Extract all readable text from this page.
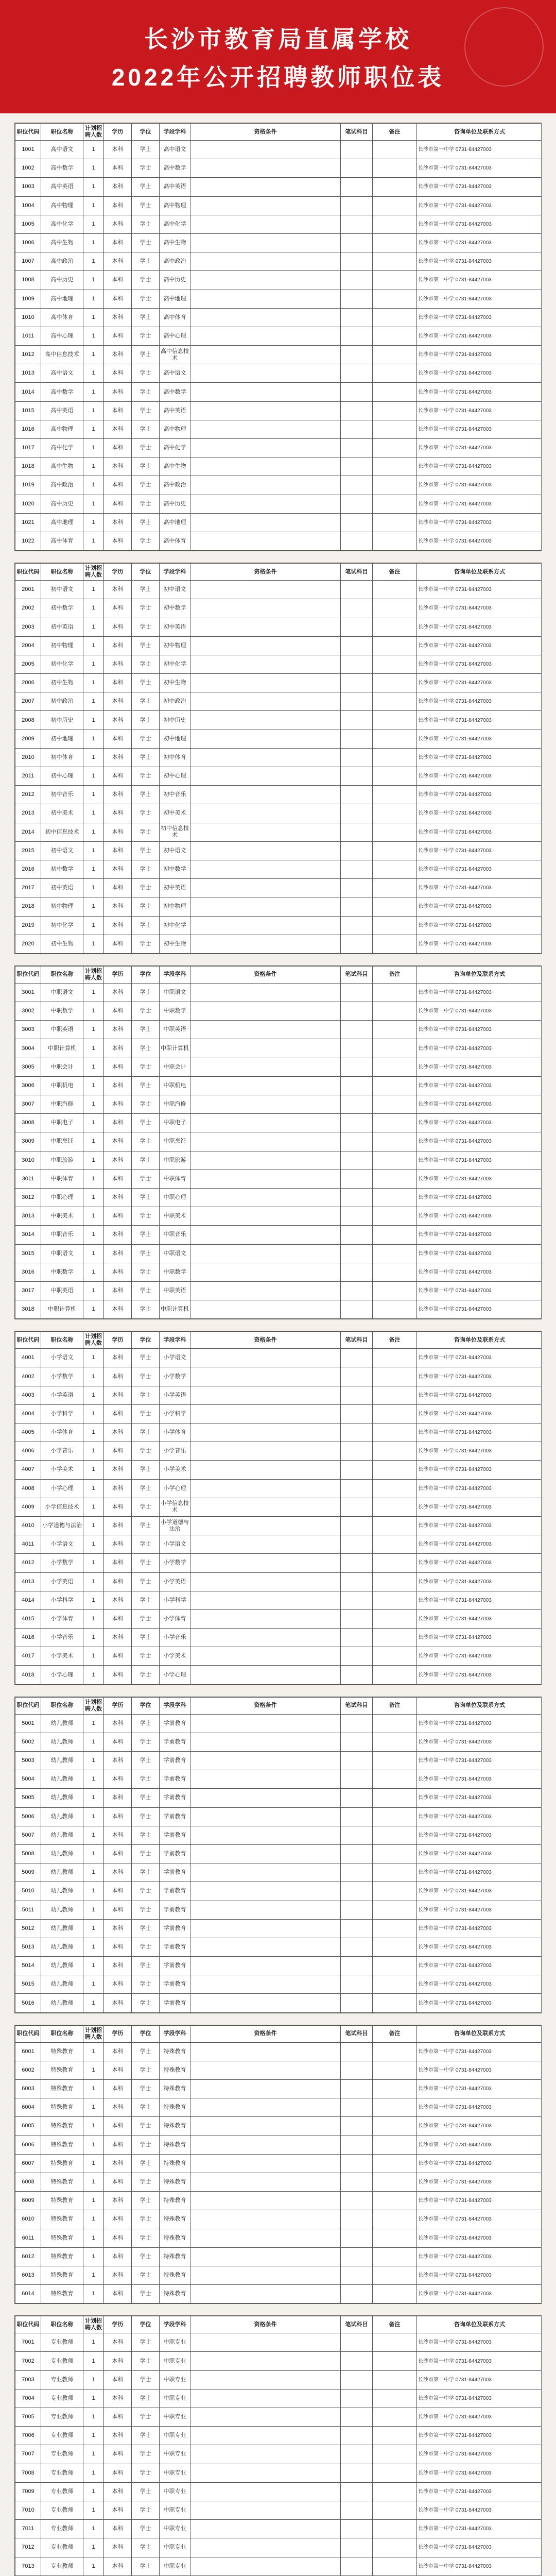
长沙市教育局直属学校
2022年公开招聘教师职位表
职位代码	职位名称	计划招聘人数	学历	学位	学段学科	资格条件	笔试科目	备注	咨询单位及联系方式
1001	高中语文	1	本科	学士	高中语文				长沙市第一中学 0731-84427003
1002	高中数学	1	本科	学士	高中数学				长沙市第一中学 0731-84427003
1003	高中英语	1	本科	学士	高中英语				长沙市第一中学 0731-84427003
1004	高中物理	1	本科	学士	高中物理				长沙市第一中学 0731-84427003
1005	高中化学	1	本科	学士	高中化学				长沙市第一中学 0731-84427003
1006	高中生物	1	本科	学士	高中生物				长沙市第一中学 0731-84427003
1007	高中政治	1	本科	学士	高中政治				长沙市第一中学 0731-84427003
1008	高中历史	1	本科	学士	高中历史				长沙市第一中学 0731-84427003
1009	高中地理	1	本科	学士	高中地理				长沙市第一中学 0731-84427003
1010	高中体育	1	本科	学士	高中体育				长沙市第一中学 0731-84427003
1011	高中心理	1	本科	学士	高中心理				长沙市第一中学 0731-84427003
1012	高中信息技术	1	本科	学士	高中信息技术				长沙市第一中学 0731-84427003
1013	高中语文	1	本科	学士	高中语文				长沙市第一中学 0731-84427003
1014	高中数学	1	本科	学士	高中数学				长沙市第一中学 0731-84427003
1015	高中英语	1	本科	学士	高中英语				长沙市第一中学 0731-84427003
1016	高中物理	1	本科	学士	高中物理				长沙市第一中学 0731-84427003
1017	高中化学	1	本科	学士	高中化学				长沙市第一中学 0731-84427003
1018	高中生物	1	本科	学士	高中生物				长沙市第一中学 0731-84427003
1019	高中政治	1	本科	学士	高中政治				长沙市第一中学 0731-84427003
1020	高中历史	1	本科	学士	高中历史				长沙市第一中学 0731-84427003
1021	高中地理	1	本科	学士	高中地理				长沙市第一中学 0731-84427003
1022	高中体育	1	本科	学士	高中体育				长沙市第一中学 0731-84427003
职位代码	职位名称	计划招聘人数	学历	学位	学段学科	资格条件	笔试科目	备注	咨询单位及联系方式
2001	初中语文	1	本科	学士	初中语文				长沙市第一中学 0731-84427003
2002	初中数学	1	本科	学士	初中数学				长沙市第一中学 0731-84427003
2003	初中英语	1	本科	学士	初中英语				长沙市第一中学 0731-84427003
2004	初中物理	1	本科	学士	初中物理				长沙市第一中学 0731-84427003
2005	初中化学	1	本科	学士	初中化学				长沙市第一中学 0731-84427003
2006	初中生物	1	本科	学士	初中生物				长沙市第一中学 0731-84427003
2007	初中政治	1	本科	学士	初中政治				长沙市第一中学 0731-84427003
2008	初中历史	1	本科	学士	初中历史				长沙市第一中学 0731-84427003
2009	初中地理	1	本科	学士	初中地理				长沙市第一中学 0731-84427003
2010	初中体育	1	本科	学士	初中体育				长沙市第一中学 0731-84427003
2011	初中心理	1	本科	学士	初中心理				长沙市第一中学 0731-84427003
2012	初中音乐	1	本科	学士	初中音乐				长沙市第一中学 0731-84427003
2013	初中美术	1	本科	学士	初中美术				长沙市第一中学 0731-84427003
2014	初中信息技术	1	本科	学士	初中信息技术				长沙市第一中学 0731-84427003
2015	初中语文	1	本科	学士	初中语文				长沙市第一中学 0731-84427003
2016	初中数学	1	本科	学士	初中数学				长沙市第一中学 0731-84427003
2017	初中英语	1	本科	学士	初中英语				长沙市第一中学 0731-84427003
2018	初中物理	1	本科	学士	初中物理				长沙市第一中学 0731-84427003
2019	初中化学	1	本科	学士	初中化学				长沙市第一中学 0731-84427003
2020	初中生物	1	本科	学士	初中生物				长沙市第一中学 0731-84427003
职位代码	职位名称	计划招聘人数	学历	学位	学段学科	资格条件	笔试科目	备注	咨询单位及联系方式
3001	中职语文	1	本科	学士	中职语文				长沙市第一中学 0731-84427003
3002	中职数学	1	本科	学士	中职数学				长沙市第一中学 0731-84427003
3003	中职英语	1	本科	学士	中职英语				长沙市第一中学 0731-84427003
3004	中职计算机	1	本科	学士	中职计算机				长沙市第一中学 0731-84427003
3005	中职会计	1	本科	学士	中职会计				长沙市第一中学 0731-84427003
3006	中职机电	1	本科	学士	中职机电				长沙市第一中学 0731-84427003
3007	中职汽修	1	本科	学士	中职汽修				长沙市第一中学 0731-84427003
3008	中职电子	1	本科	学士	中职电子				长沙市第一中学 0731-84427003
3009	中职烹饪	1	本科	学士	中职烹饪				长沙市第一中学 0731-84427003
3010	中职旅游	1	本科	学士	中职旅游				长沙市第一中学 0731-84427003
3011	中职体育	1	本科	学士	中职体育				长沙市第一中学 0731-84427003
3012	中职心理	1	本科	学士	中职心理				长沙市第一中学 0731-84427003
3013	中职美术	1	本科	学士	中职美术				长沙市第一中学 0731-84427003
3014	中职音乐	1	本科	学士	中职音乐				长沙市第一中学 0731-84427003
3015	中职语文	1	本科	学士	中职语文				长沙市第一中学 0731-84427003
3016	中职数学	1	本科	学士	中职数学				长沙市第一中学 0731-84427003
3017	中职英语	1	本科	学士	中职英语				长沙市第一中学 0731-84427003
3018	中职计算机	1	本科	学士	中职计算机				长沙市第一中学 0731-84427003
职位代码	职位名称	计划招聘人数	学历	学位	学段学科	资格条件	笔试科目	备注	咨询单位及联系方式
4001	小学语文	1	本科	学士	小学语文				长沙市第一中学 0731-84427003
4002	小学数学	1	本科	学士	小学数学				长沙市第一中学 0731-84427003
4003	小学英语	1	本科	学士	小学英语				长沙市第一中学 0731-84427003
4004	小学科学	1	本科	学士	小学科学				长沙市第一中学 0731-84427003
4005	小学体育	1	本科	学士	小学体育				长沙市第一中学 0731-84427003
4006	小学音乐	1	本科	学士	小学音乐				长沙市第一中学 0731-84427003
4007	小学美术	1	本科	学士	小学美术				长沙市第一中学 0731-84427003
4008	小学心理	1	本科	学士	小学心理				长沙市第一中学 0731-84427003
4009	小学信息技术	1	本科	学士	小学信息技术				长沙市第一中学 0731-84427003
4010	小学道德与法治	1	本科	学士	小学道德与法治				长沙市第一中学 0731-84427003
4011	小学语文	1	本科	学士	小学语文				长沙市第一中学 0731-84427003
4012	小学数学	1	本科	学士	小学数学				长沙市第一中学 0731-84427003
4013	小学英语	1	本科	学士	小学英语				长沙市第一中学 0731-84427003
4014	小学科学	1	本科	学士	小学科学				长沙市第一中学 0731-84427003
4015	小学体育	1	本科	学士	小学体育				长沙市第一中学 0731-84427003
4016	小学音乐	1	本科	学士	小学音乐				长沙市第一中学 0731-84427003
4017	小学美术	1	本科	学士	小学美术				长沙市第一中学 0731-84427003
4018	小学心理	1	本科	学士	小学心理				长沙市第一中学 0731-84427003
职位代码	职位名称	计划招聘人数	学历	学位	学段学科	资格条件	笔试科目	备注	咨询单位及联系方式
5001	幼儿教师	1	本科	学士	学前教育				长沙市第一中学 0731-84427003
5002	幼儿教师	1	本科	学士	学前教育				长沙市第一中学 0731-84427003
5003	幼儿教师	1	本科	学士	学前教育				长沙市第一中学 0731-84427003
5004	幼儿教师	1	本科	学士	学前教育				长沙市第一中学 0731-84427003
5005	幼儿教师	1	本科	学士	学前教育				长沙市第一中学 0731-84427003
5006	幼儿教师	1	本科	学士	学前教育				长沙市第一中学 0731-84427003
5007	幼儿教师	1	本科	学士	学前教育				长沙市第一中学 0731-84427003
5008	幼儿教师	1	本科	学士	学前教育				长沙市第一中学 0731-84427003
5009	幼儿教师	1	本科	学士	学前教育				长沙市第一中学 0731-84427003
5010	幼儿教师	1	本科	学士	学前教育				长沙市第一中学 0731-84427003
5011	幼儿教师	1	本科	学士	学前教育				长沙市第一中学 0731-84427003
5012	幼儿教师	1	本科	学士	学前教育				长沙市第一中学 0731-84427003
5013	幼儿教师	1	本科	学士	学前教育				长沙市第一中学 0731-84427003
5014	幼儿教师	1	本科	学士	学前教育				长沙市第一中学 0731-84427003
5015	幼儿教师	1	本科	学士	学前教育				长沙市第一中学 0731-84427003
5016	幼儿教师	1	本科	学士	学前教育				长沙市第一中学 0731-84427003
职位代码	职位名称	计划招聘人数	学历	学位	学段学科	资格条件	笔试科目	备注	咨询单位及联系方式
6001	特殊教育	1	本科	学士	特殊教育				长沙市第一中学 0731-84427003
6002	特殊教育	1	本科	学士	特殊教育				长沙市第一中学 0731-84427003
6003	特殊教育	1	本科	学士	特殊教育				长沙市第一中学 0731-84427003
6004	特殊教育	1	本科	学士	特殊教育				长沙市第一中学 0731-84427003
6005	特殊教育	1	本科	学士	特殊教育				长沙市第一中学 0731-84427003
6006	特殊教育	1	本科	学士	特殊教育				长沙市第一中学 0731-84427003
6007	特殊教育	1	本科	学士	特殊教育				长沙市第一中学 0731-84427003
6008	特殊教育	1	本科	学士	特殊教育				长沙市第一中学 0731-84427003
6009	特殊教育	1	本科	学士	特殊教育				长沙市第一中学 0731-84427003
6010	特殊教育	1	本科	学士	特殊教育				长沙市第一中学 0731-84427003
6011	特殊教育	1	本科	学士	特殊教育				长沙市第一中学 0731-84427003
6012	特殊教育	1	本科	学士	特殊教育				长沙市第一中学 0731-84427003
6013	特殊教育	1	本科	学士	特殊教育				长沙市第一中学 0731-84427003
6014	特殊教育	1	本科	学士	特殊教育				长沙市第一中学 0731-84427003
职位代码	职位名称	计划招聘人数	学历	学位	学段学科	资格条件	笔试科目	备注	咨询单位及联系方式
7001	专业教师	1	本科	学士	中职专业				长沙市第一中学 0731-84427003
7002	专业教师	1	本科	学士	中职专业				长沙市第一中学 0731-84427003
7003	专业教师	1	本科	学士	中职专业				长沙市第一中学 0731-84427003
7004	专业教师	1	本科	学士	中职专业				长沙市第一中学 0731-84427003
7005	专业教师	1	本科	学士	中职专业				长沙市第一中学 0731-84427003
7006	专业教师	1	本科	学士	中职专业				长沙市第一中学 0731-84427003
7007	专业教师	1	本科	学士	中职专业				长沙市第一中学 0731-84427003
7008	专业教师	1	本科	学士	中职专业				长沙市第一中学 0731-84427003
7009	专业教师	1	本科	学士	中职专业				长沙市第一中学 0731-84427003
7010	专业教师	1	本科	学士	中职专业				长沙市第一中学 0731-84427003
7011	专业教师	1	本科	学士	中职专业				长沙市第一中学 0731-84427003
7012	专业教师	1	本科	学士	中职专业				长沙市第一中学 0731-84427003
7013	专业教师	1	本科	学士	中职专业				长沙市第一中学 0731-84427003
